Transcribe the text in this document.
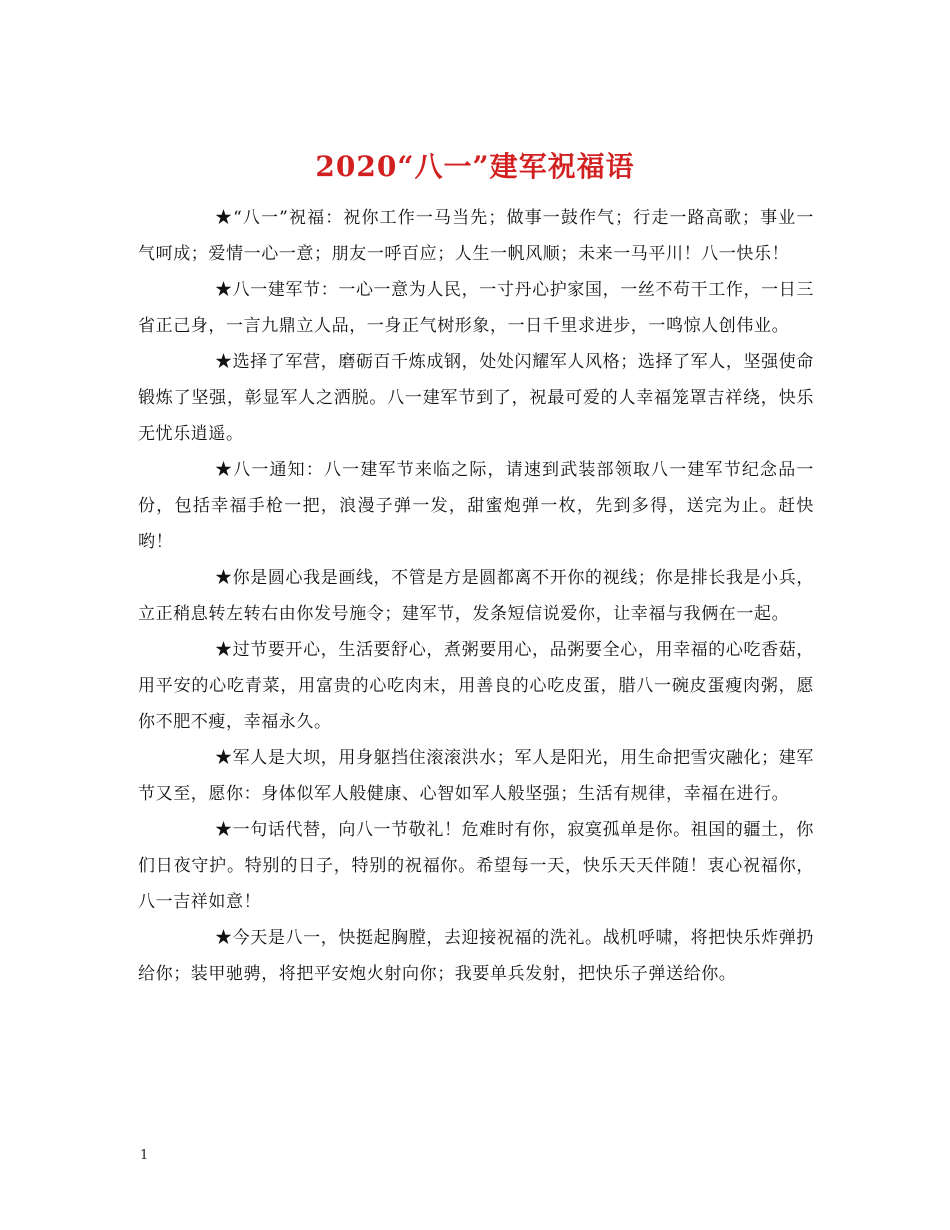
2020“八一”建军祝福语

★“八一”祝福：祝你工作一马当先；做事一鼓作气；行走一路高歌；事业一气呵成；爱情一心一意；朋友一呼百应；人生一帆风顺；未来一马平川！八一快乐！

★八一建军节：一心一意为人民，一寸丹心护家国，一丝不苟干工作，一日三省正己身，一言九鼎立人品，一身正气树形象，一日千里求进步，一鸣惊人创伟业。

★选择了军营，磨砺百千炼成钢，处处闪耀军人风格；选择了军人，坚强使命锻炼了坚强，彰显军人之洒脱。八一建军节到了，祝最可爱的人幸福笼罩吉祥绕，快乐无忧乐逍遥。

★八一通知：八一建军节来临之际，请速到武装部领取八一建军节纪念品一份，包括幸福手枪一把，浪漫子弹一发，甜蜜炮弹一枚，先到多得，送完为止。赶快哟！

★你是圆心我是画线，不管是方是圆都离不开你的视线；你是排长我是小兵，立正稍息转左转右由你发号施令；建军节，发条短信说爱你，让幸福与我俩在一起。

★过节要开心，生活要舒心，煮粥要用心，品粥要全心，用幸福的心吃香菇，用平安的心吃青菜，用富贵的心吃肉末，用善良的心吃皮蛋，腊八一碗皮蛋瘦肉粥，愿你不肥不瘦，幸福永久。

★军人是大坝，用身躯挡住滚滚洪水；军人是阳光，用生命把雪灾融化；建军节又至，愿你：身体似军人般健康、心智如军人般坚强；生活有规律，幸福在进行。

★一句话代替，向八一节敬礼！危难时有你，寂寞孤单是你。祖国的疆土，你们日夜守护。特别的日子，特别的祝福你。希望每一天，快乐天天伴随！衷心祝福你，八一吉祥如意！

★今天是八一，快挺起胸膛，去迎接祝福的洗礼。战机呼啸，将把快乐炸弹扔给你；装甲驰骋，将把平安炮火射向你；我要单兵发射，把快乐子弹送给你。

1
